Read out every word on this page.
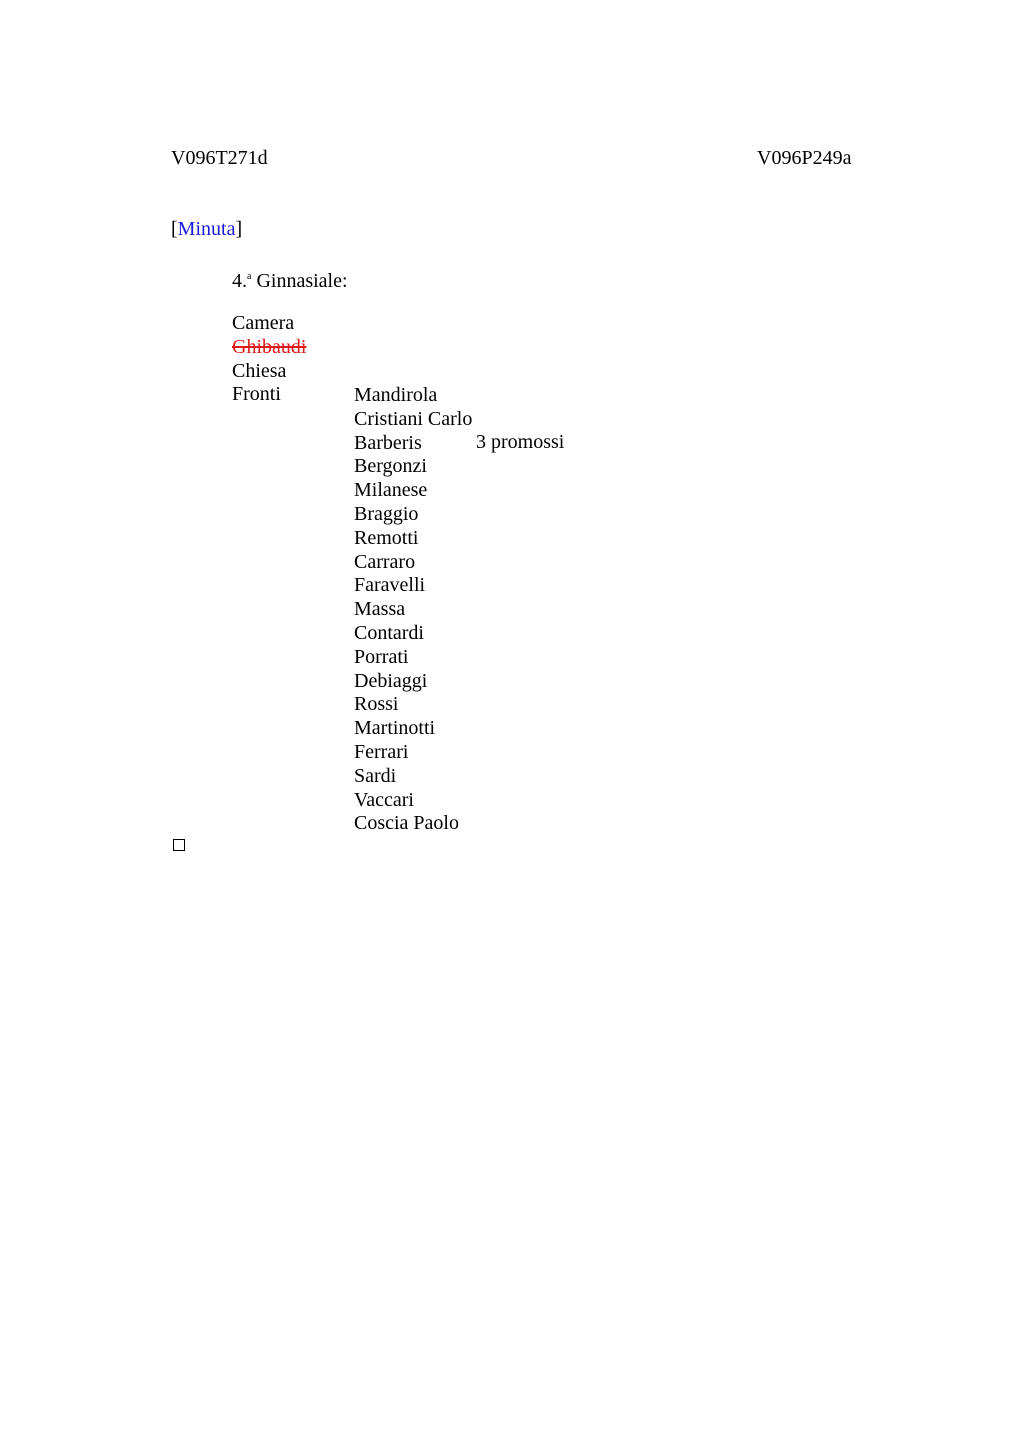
V096T271d	V096P249a
[Minuta]
4.$^a$ Ginnasiale:
Camera
Ghibaudi
Chiesa
Fronti	Mandirola
Cristiani Carlo
Barberis
Bergonzi
Milanese
Braggio
Remotti
Carraro
Faravelli
Massa
Contardi
Porrati
Debiaggi
Rossi
Martinotti
Ferrari
Sardi
Vaccari
Coscia Paolo
3 promossi
